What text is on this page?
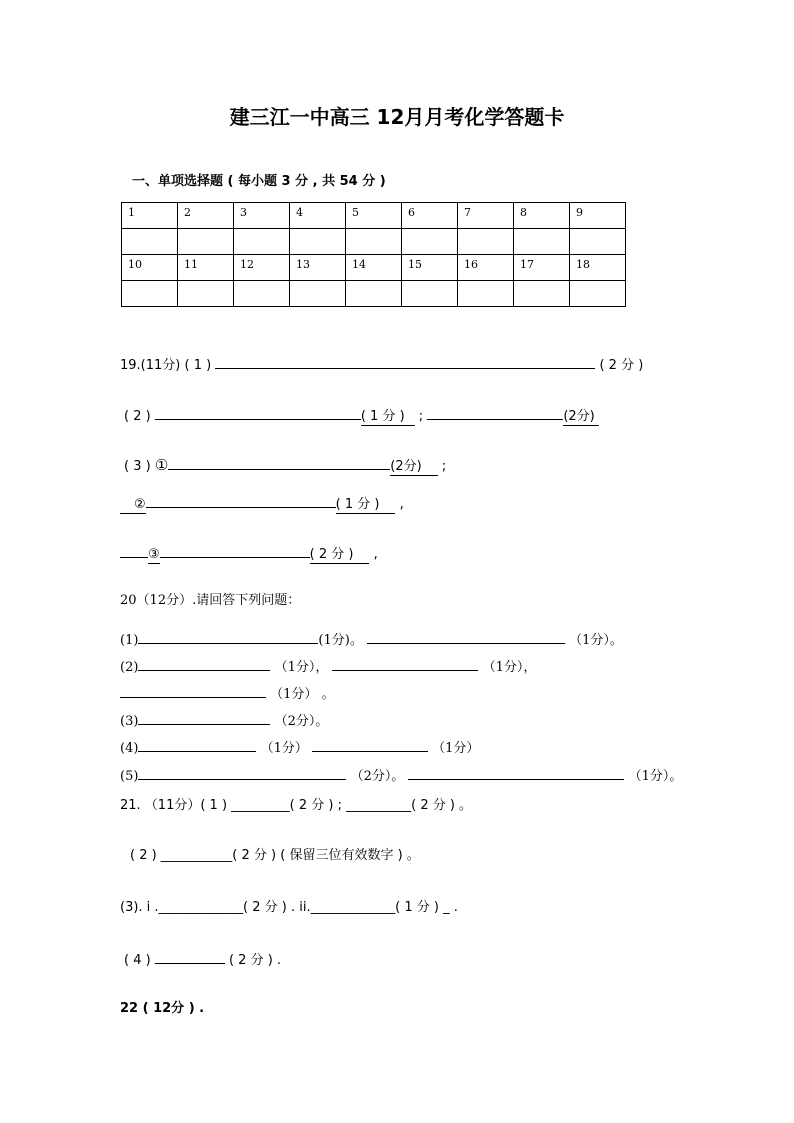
建三江一中高三 12月月考化学答题卡
一、单项选择题 ( 每小题 3 分 , 共 54 分 )
1	2	3	4	5	6	7	8	9

10	11	12	13	14	15	16	17	18

19.(11分) ( 1 )	( 2 分 )
( 2 )	( 1 分 ) ;	(2分)
( 3 ) ①	(2分) ;
②	( 1 分 ) ,
③	( 2 分 ) ,
20（12分）.请回答下列问题：
(1)	(1分)。	（1分）。
(2)	（1分），	（1分），
（1分） 。
(3)	（2分）。
(4)	（1分）	（1分）
(5)	（2分）。	（1分）。
21. （11分）( 1 ) _________( 2 分 ) ; __________( 2 分 ) 。
( 2 ) ___________( 2 分 ) ( 保留三位有效数字 ) 。
(3). i ._____________( 2 分 ) . ii._____________( 1 分 ) _ .
( 4 )	( 2 分 ) .
22 ( 12分 ) .
